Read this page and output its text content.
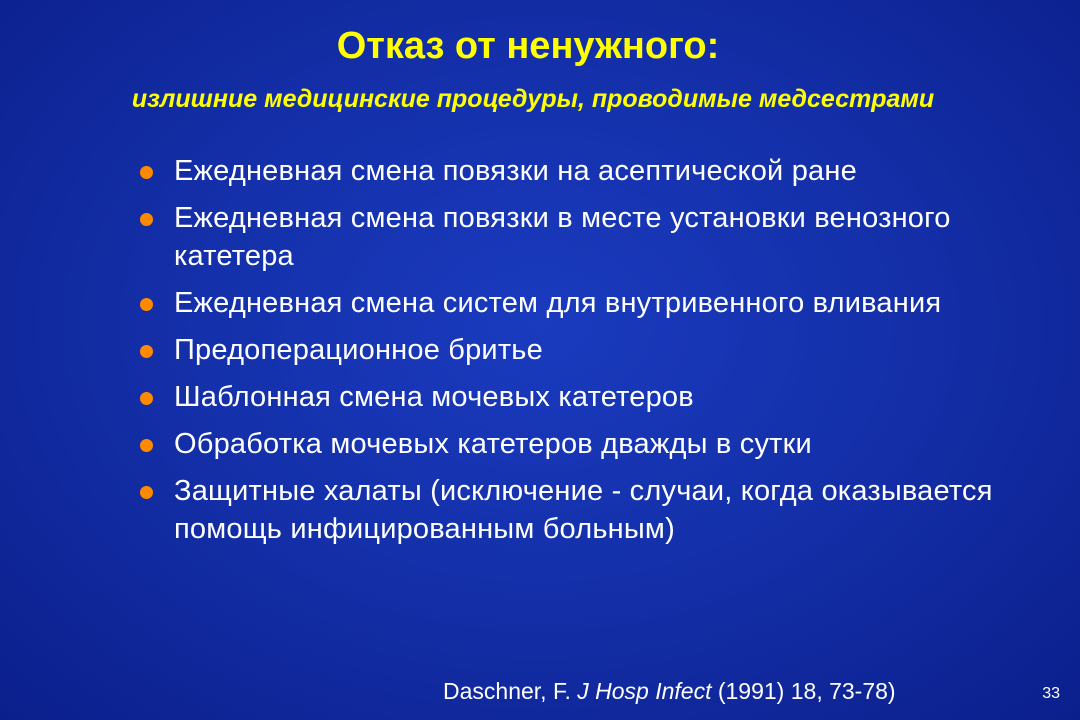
Отказ от ненужного:
излишние медицинские процедуры, проводимые медсестрами
Ежедневная смена повязки на асептической ране
Ежедневная смена повязки в месте установки венозного катетера
Ежедневная смена систем для внутривенного вливания
Предоперационное бритье
Шаблонная смена мочевых катетеров
Обработка мочевых катетеров дважды в сутки
Защитные халаты (исключение - случаи, когда оказывается помощь инфицированным больным)
Daschner, F. J Hosp Infect (1991) 18, 73-78)	33
